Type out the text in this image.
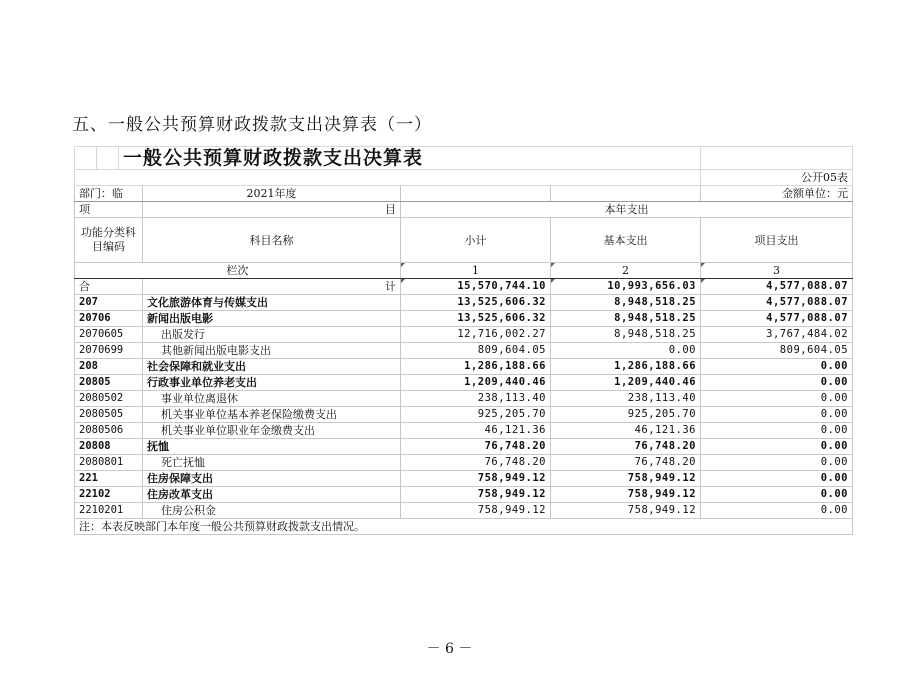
五、一般公共预算财政拨款支出决算表（一）
		一般公共预算财政拨款支出决算表				
						公开05表
部门：临			2021年度			金额单位：元
项			目	本年支出		
功能分类科目编码			科目名称	小计	基本支出	项目支出
栏次				1	2	3
合			计	15,570,744.10	10,993,656.03	4,577,088.07
207			文化旅游体育与传媒支出	13,525,606.32	8,948,518.25	4,577,088.07
20706			新闻出版电影	13,525,606.32	8,948,518.25	4,577,088.07
2070605			出版发行	12,716,002.27	8,948,518.25	3,767,484.02
2070699			其他新闻出版电影支出	809,604.05	0.00	809,604.05
208			社会保障和就业支出	1,286,188.66	1,286,188.66	0.00
20805			行政事业单位养老支出	1,209,440.46	1,209,440.46	0.00
2080502			事业单位离退休	238,113.40	238,113.40	0.00
2080505			机关事业单位基本养老保险缴费支出	925,205.70	925,205.70	0.00
2080506			机关事业单位职业年金缴费支出	46,121.36	46,121.36	0.00
20808			抚恤	76,748.20	76,748.20	0.00
2080801			死亡抚恤	76,748.20	76,748.20	0.00
221			住房保障支出	758,949.12	758,949.12	0.00
22102			住房改革支出	758,949.12	758,949.12	0.00
2210201			住房公积金	758,949.12	758,949.12	0.00
注：本表反映部门本年度一般公共预算财政拨款支出情况。						
－ 6 －
